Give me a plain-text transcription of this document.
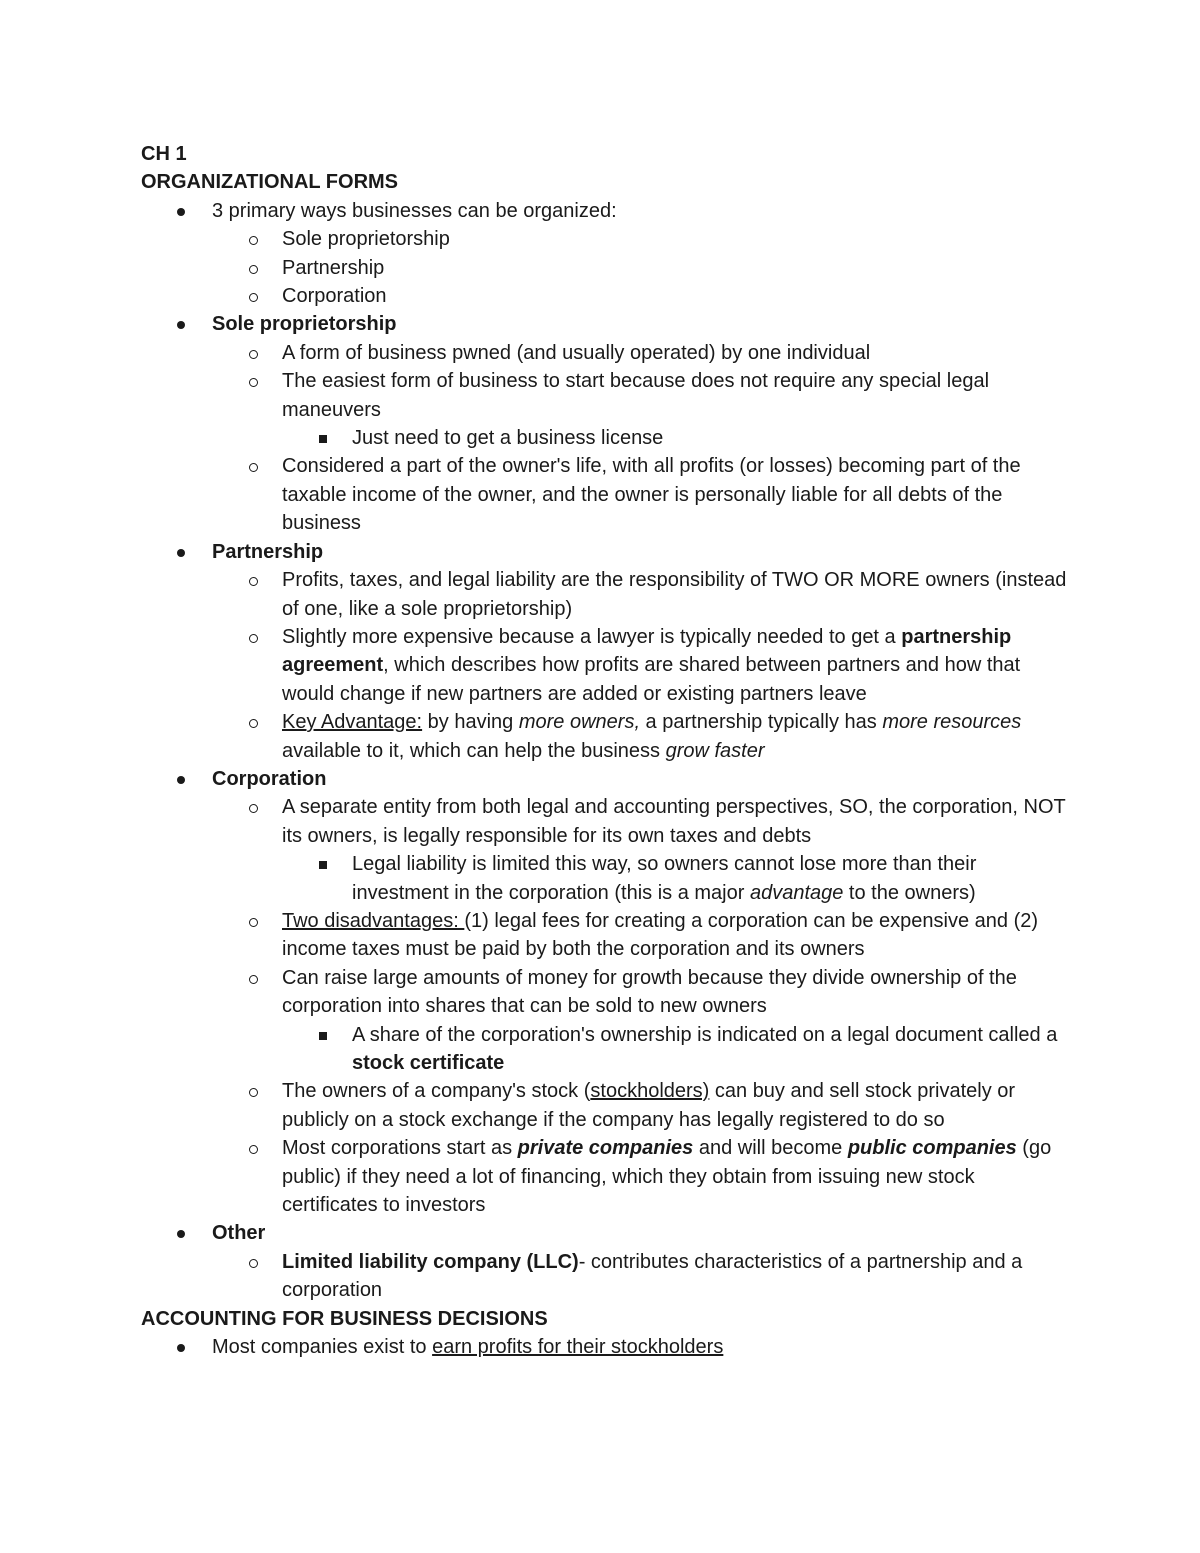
CH 1

ORGANIZATIONAL FORMS

3 primary ways businesses can be organized:
Sole proprietorship
Partnership
Corporation
Sole proprietorship
A form of business pwned (and usually operated) by one individual
The easiest form of business to start because does not require any special legal maneuvers
Just need to get a business license
Considered a part of the owner's life, with all profits (or losses) becoming part of the taxable income of the owner, and the owner is personally liable for all debts of the business
Partnership
Profits, taxes, and legal liability are the responsibility of TWO OR MORE owners (instead of one, like a sole proprietorship)
Slightly more expensive because a lawyer is typically needed to get a partnership agreement, which describes how profits are shared between partners and how that would change if new partners are added or existing partners leave
Key Advantage: by having more owners, a partnership typically has more resources available to it, which can help the business grow faster
Corporation
A separate entity from both legal and accounting perspectives, SO, the corporation, NOT its owners, is legally responsible for its own taxes and debts
Legal liability is limited this way, so owners cannot lose more than their investment in the corporation (this is a major advantage to the owners)
Two disadvantages: (1) legal fees for creating a corporation can be expensive and (2) income taxes must be paid by both the corporation and its owners
Can raise large amounts of money for growth because they divide ownership of the corporation into shares that can be sold to new owners
A share of the corporation's ownership is indicated on a legal document called a stock certificate
The owners of a company's stock (stockholders) can buy and sell stock privately or publicly on a stock exchange if the company has legally registered to do so
Most corporations start as private companies and will become public companies (go public) if they need a lot of financing, which they obtain from issuing new stock certificates to investors
Other
Limited liability company (LLC)- contributes characteristics of a partnership and a corporation

ACCOUNTING FOR BUSINESS DECISIONS

Most companies exist to earn profits for their stockholders
